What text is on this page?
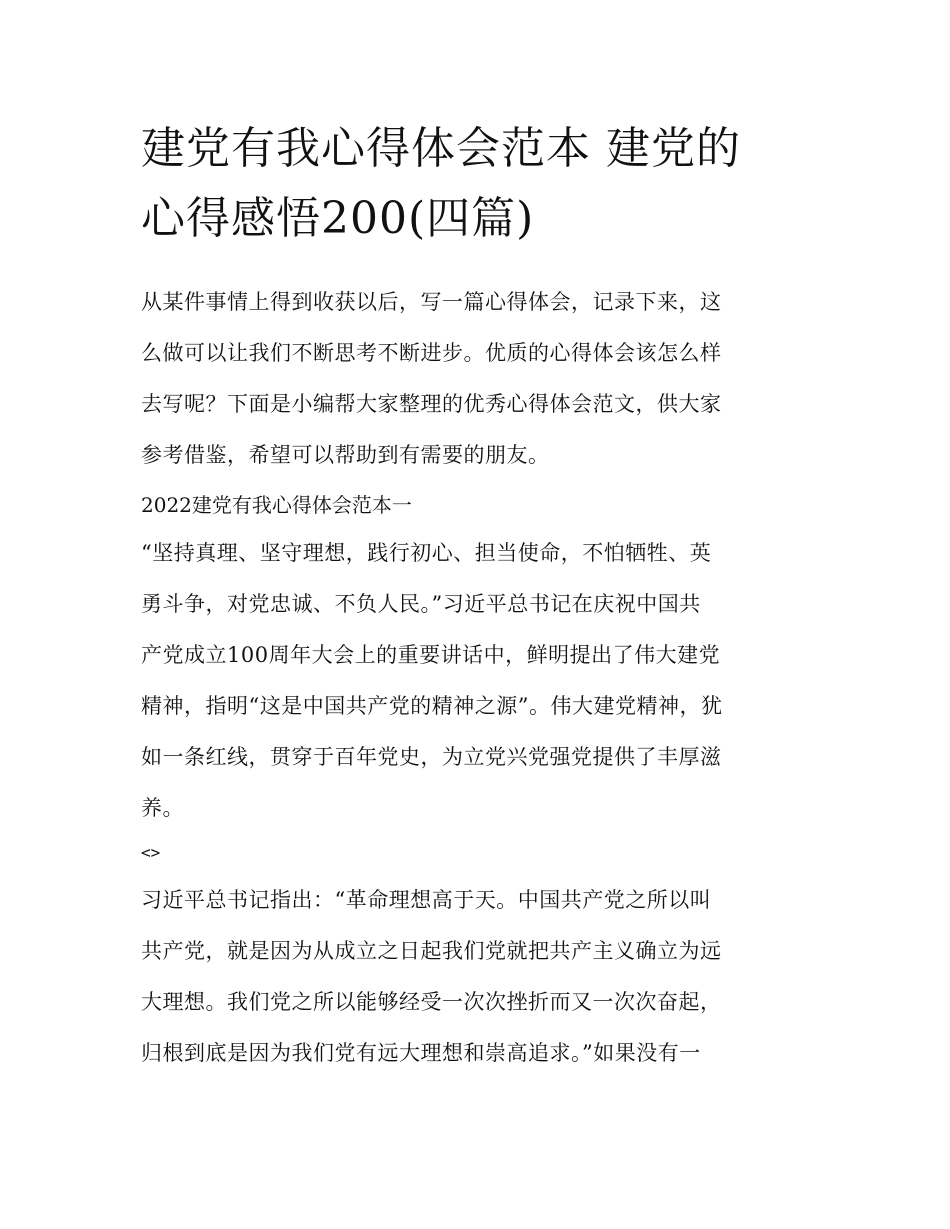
建党有我心得体会范本 建党的
心得感悟200(四篇)
从某件事情上得到收获以后，写一篇心得体会，记录下来，这
么做可以让我们不断思考不断进步。优质的心得体会该怎么样
去写呢？下面是小编帮大家整理的优秀心得体会范文，供大家
参考借鉴，希望可以帮助到有需要的朋友。
2022建党有我心得体会范本一
“坚持真理、坚守理想，践行初心、担当使命，不怕牺牲、英
勇斗争，对党忠诚、不负人民。”习近平总书记在庆祝中国共
产党成立100周年大会上的重要讲话中，鲜明提出了伟大建党
精神，指明“这是中国共产党的精神之源”。伟大建党精神，犹
如一条红线，贯穿于百年党史，为立党兴党强党提供了丰厚滋
养。
<>
习近平总书记指出：“革命理想高于天。中国共产党之所以叫
共产党，就是因为从成立之日起我们党就把共产主义确立为远
大理想。我们党之所以能够经受一次次挫折而又一次次奋起，
归根到底是因为我们党有远大理想和崇高追求。”如果没有一
